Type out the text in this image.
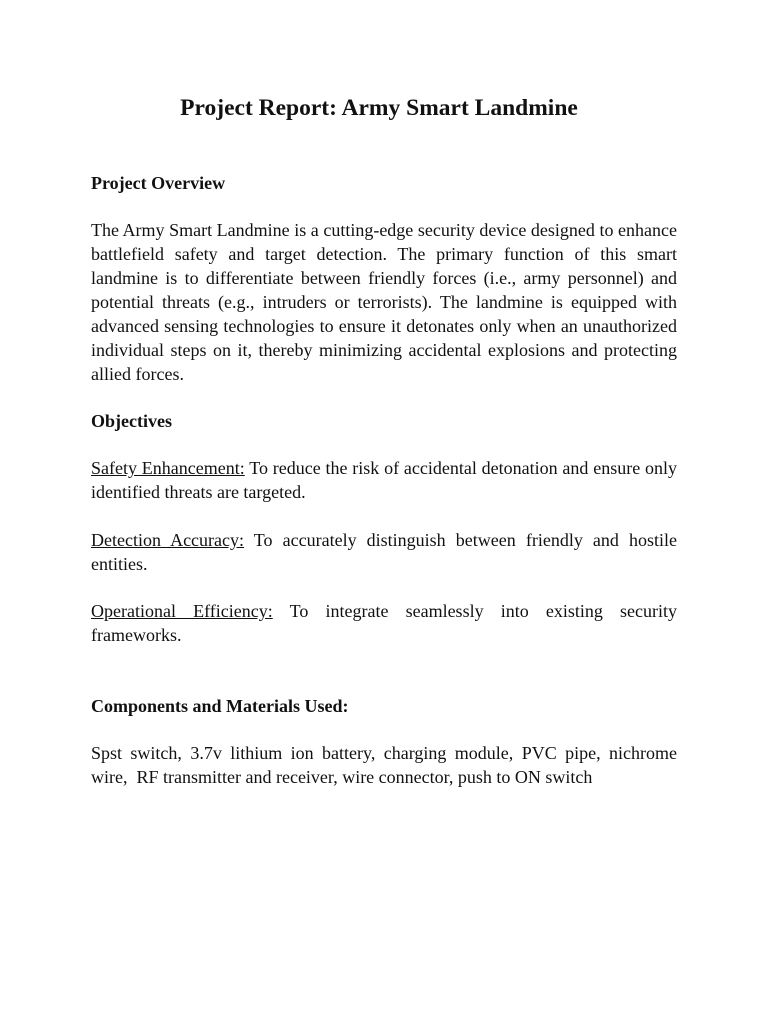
Project Report: Army Smart Landmine
Project Overview

The Army Smart Landmine is a cutting-edge security device designed to enhance battlefield safety and target detection. The primary function of this smart landmine is to differentiate between friendly forces (i.e., army personnel) and potential threats (e.g., intruders or terrorists). The landmine is equipped with advanced sensing technologies to ensure it detonates only when an unauthorized individual steps on it, thereby minimizing accidental explosions and protecting allied forces.

Objectives

Safety Enhancement: To reduce the risk of accidental detonation and ensure only identified threats are targeted.

Detection Accuracy: To accurately distinguish between friendly and hostile entities.

Operational Efficiency: To integrate seamlessly into existing security frameworks.

Components and Materials Used:

Spst switch, 3.7v lithium ion battery, charging module, PVC pipe, nichrome wire,  RF transmitter and receiver, wire connector, push to ON switch
